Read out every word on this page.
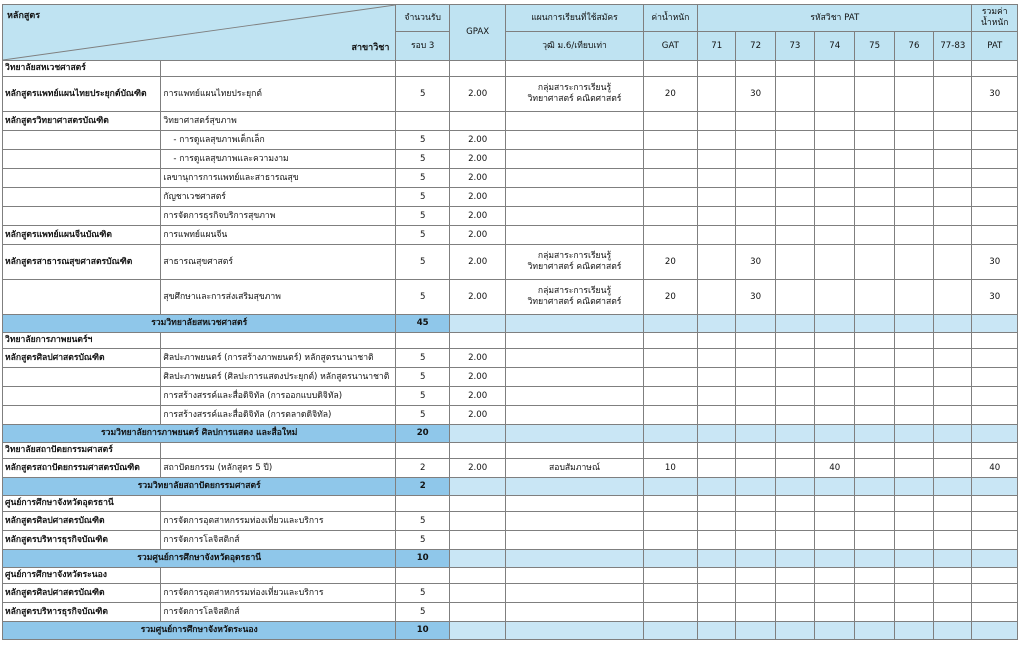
หลักสูตร
สาขาวิชา		จำนวนรับ	GPAX	แผนการเรียนที่ใช้สมัคร	ค่าน้ำหนัก	รหัสวิชา PAT							รวมค่า
น้ำหนัก
		รอบ 3		วุฒิ ม.6/เทียบเท่า	GAT	71	72	73	74	75	76	77-83	PAT
วิทยาลัยสหเวชศาสตร์													
หลักสูตรแพทย์แผนไทยประยุกต์บัณฑิต	การแพทย์แผนไทยประยุกต์	5	2.00	กลุ่มสาระการเรียนรู้
วิทยาศาสตร์ คณิตศาสตร์	20		30						30
หลักสูตรวิทยาศาสตรบัณฑิต	วิทยาศาสตร์สุขภาพ												
	- การดูแลสุขภาพเด็กเล็ก	5	2.00										
	- การดูแลสุขภาพและความงาม	5	2.00										
	เลขานุการการแพทย์และสาธารณสุข	5	2.00										
	กัญชาเวชศาสตร์	5	2.00										
	การจัดการธุรกิจบริการสุขภาพ	5	2.00										
หลักสูตรแพทย์แผนจีนบัณฑิต	การแพทย์แผนจีน	5	2.00										
หลักสูตรสาธารณสุขศาสตรบัณฑิต	สาธารณสุขศาสตร์	5	2.00	กลุ่มสาระการเรียนรู้
วิทยาศาสตร์ คณิตศาสตร์	20		30						30
	สุขศึกษาและการส่งเสริมสุขภาพ	5	2.00	กลุ่มสาระการเรียนรู้
วิทยาศาสตร์ คณิตศาสตร์	20		30						30
รวมวิทยาลัยสหเวชศาสตร์		45											
วิทยาลัยการภาพยนตร์ฯ													
หลักสูตรศิลปศาสตรบัณฑิต	ศิลปะภาพยนตร์ (การสร้างภาพยนตร์) หลักสูตรนานาชาติ	5	2.00										
	ศิลปะภาพยนตร์ (ศิลปะการแสดงประยุกต์) หลักสูตรนานาชาติ	5	2.00										
	การสร้างสรรค์และสื่อดิจิทัล (การออกแบบดิจิทัล)	5	2.00										
	การสร้างสรรค์และสื่อดิจิทัล (การตลาดดิจิทัล)	5	2.00										
รวมวิทยาลัยการภาพยนตร์ ศิลปการแสดง และสื่อใหม่		20											
วิทยาลัยสถาปัตยกรรมศาสตร์													
หลักสูตรสถาปัตยกรรมศาสตรบัณฑิต	สถาปัตยกรรม (หลักสูตร 5 ปี)	2	2.00	สอบสัมภาษณ์	10				40				40
รวมวิทยาลัยสถาปัตยกรรมศาสตร์		2											
ศูนย์การศึกษาจังหวัดอุดรธานี													
หลักสูตรศิลปศาสตรบัณฑิต	การจัดการอุตสาหกรรมท่องเที่ยวและบริการ	5											
หลักสูตรบริหารธุรกิจบัณฑิต	การจัดการโลจิสติกส์	5											
รวมศูนย์การศึกษาจังหวัดอุดรธานี		10											
ศูนย์การศึกษาจังหวัดระนอง													
หลักสูตรศิลปศาสตรบัณฑิต	การจัดการอุตสาหกรรมท่องเที่ยวและบริการ	5											
หลักสูตรบริหารธุรกิจบัณฑิต	การจัดการโลจิสติกส์	5											
รวมศูนย์การศึกษาจังหวัดระนอง		10											
